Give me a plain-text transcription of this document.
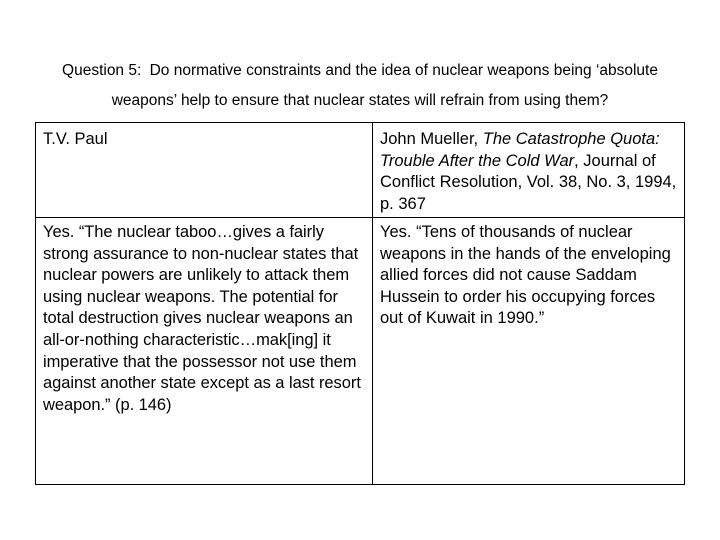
Question 5: Do normative constraints and the idea of nuclear weapons being ‘absolute
weapons’ help to ensure that nuclear states will refrain from using them?
T.V. Paul	John Mueller, The Catastrophe Quota: Trouble After the Cold War, Journal of Conflict Resolution, Vol. 38, No. 3, 1994, p. 367

Yes. “The nuclear taboo…gives a fairly strong assurance to non-nuclear states that nuclear powers are unlikely to attack them using nuclear weapons. The potential for total destruction gives nuclear weapons an all-or-nothing characteristic…mak[ing] it imperative that the possessor not use them against another state except as a last resort weapon.” (p. 146)	Yes. “Tens of thousands of nuclear weapons in the hands of the enveloping allied forces did not cause Saddam Hussein to order his occupying forces out of Kuwait in 1990.”
